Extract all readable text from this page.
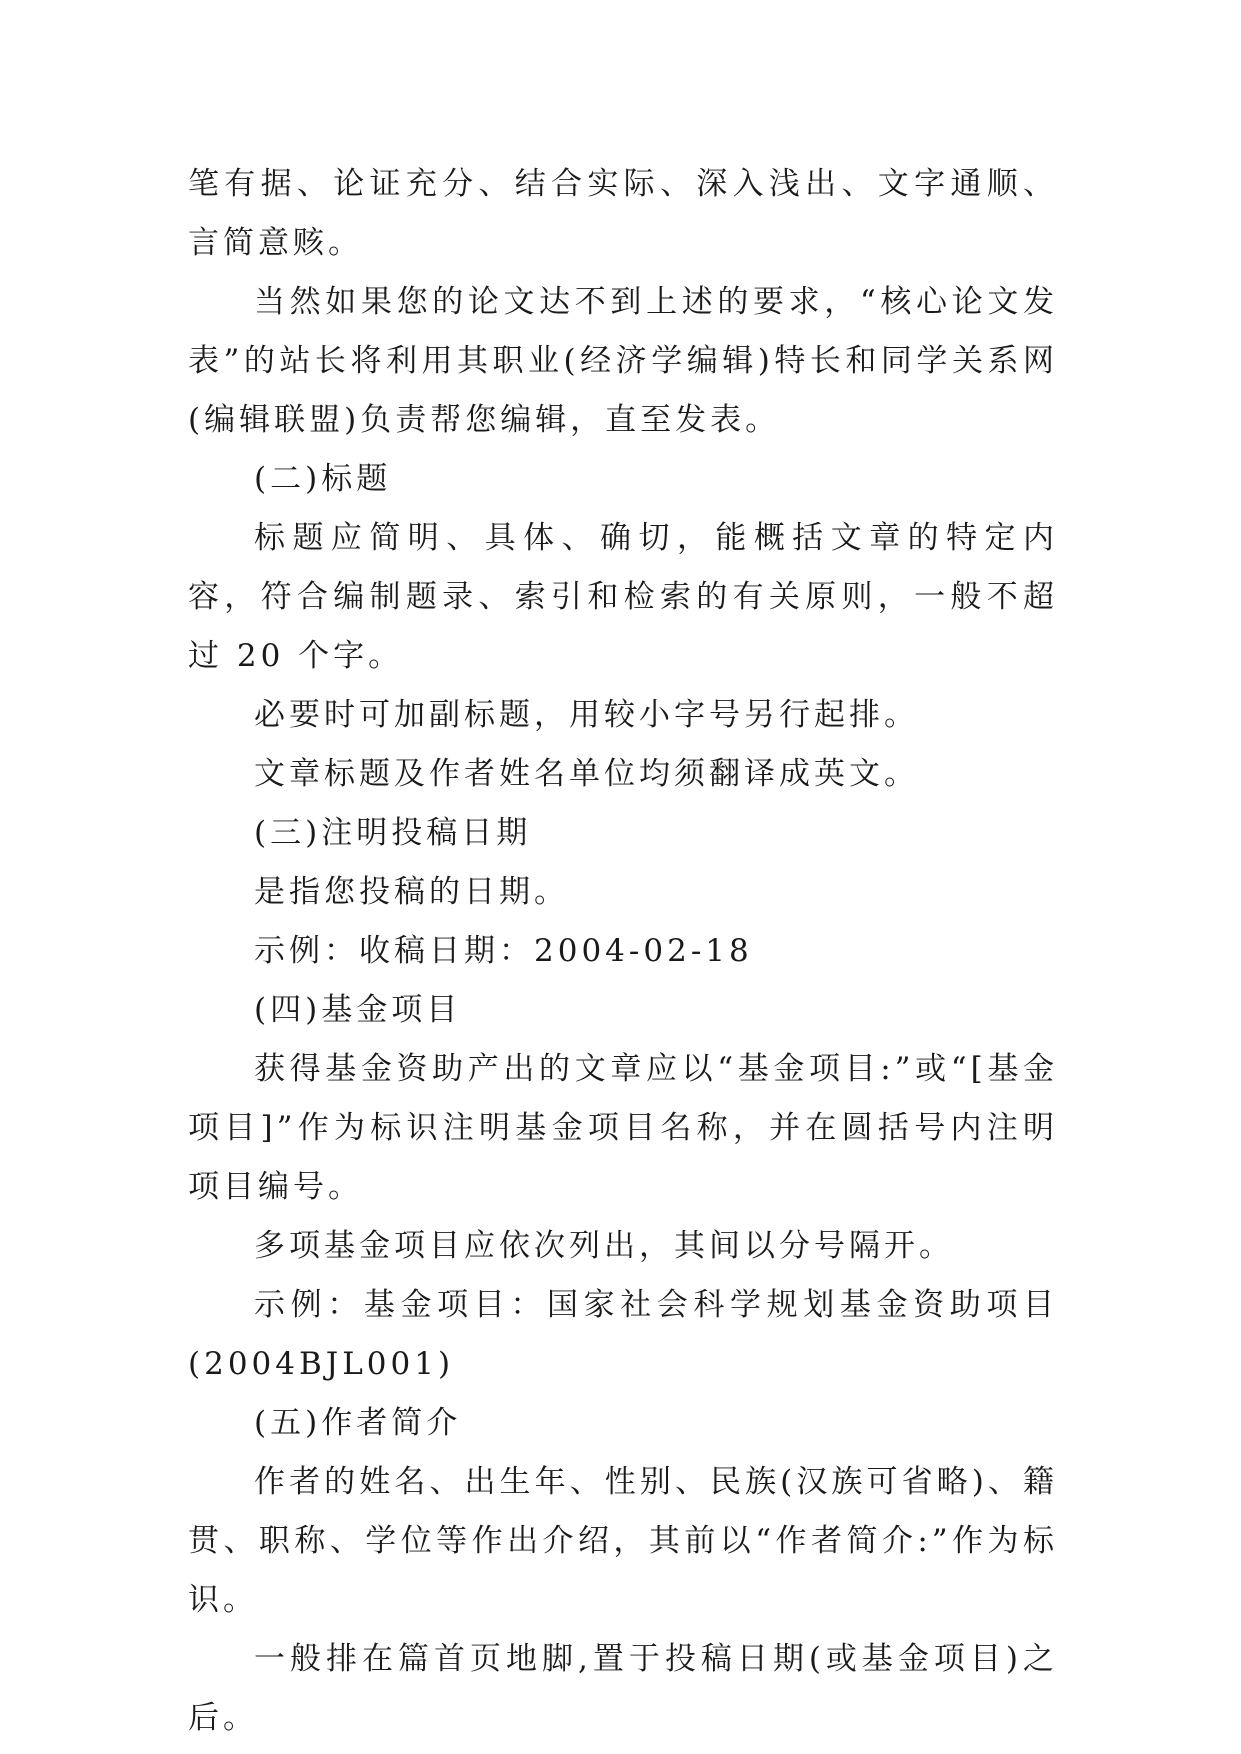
笔有据、论证充分、结合实际、深入浅出、文字通顺、言简意赅。

当然如果您的论文达不到上述的要求，“核心论文发表”的站长将利用其职业(经济学编辑)特长和同学关系网(编辑联盟)负责帮您编辑，直至发表。

(二)标题

标题应简明、具体、确切，能概括文章的特定内容，符合编制题录、索引和检索的有关原则，一般不超过 20 个字。

必要时可加副标题，用较小字号另行起排。

文章标题及作者姓名单位均须翻译成英文。

(三)注明投稿日期

是指您投稿的日期。

示例：收稿日期：2004-02-18

(四)基金项目

获得基金资助产出的文章应以“基金项目:”或“[基金项目]”作为标识注明基金项目名称，并在圆括号内注明项目编号。

多项基金项目应依次列出，其间以分号隔开。

示例：基金项目：国家社会科学规划基金资助项目(2004BJL001)

(五)作者简介

作者的姓名、出生年、性别、民族(汉族可省略)、籍贯、职称、学位等作出介绍，其前以“作者简介:”作为标识。

一般排在篇首页地脚,置于投稿日期(或基金项目)之后。
